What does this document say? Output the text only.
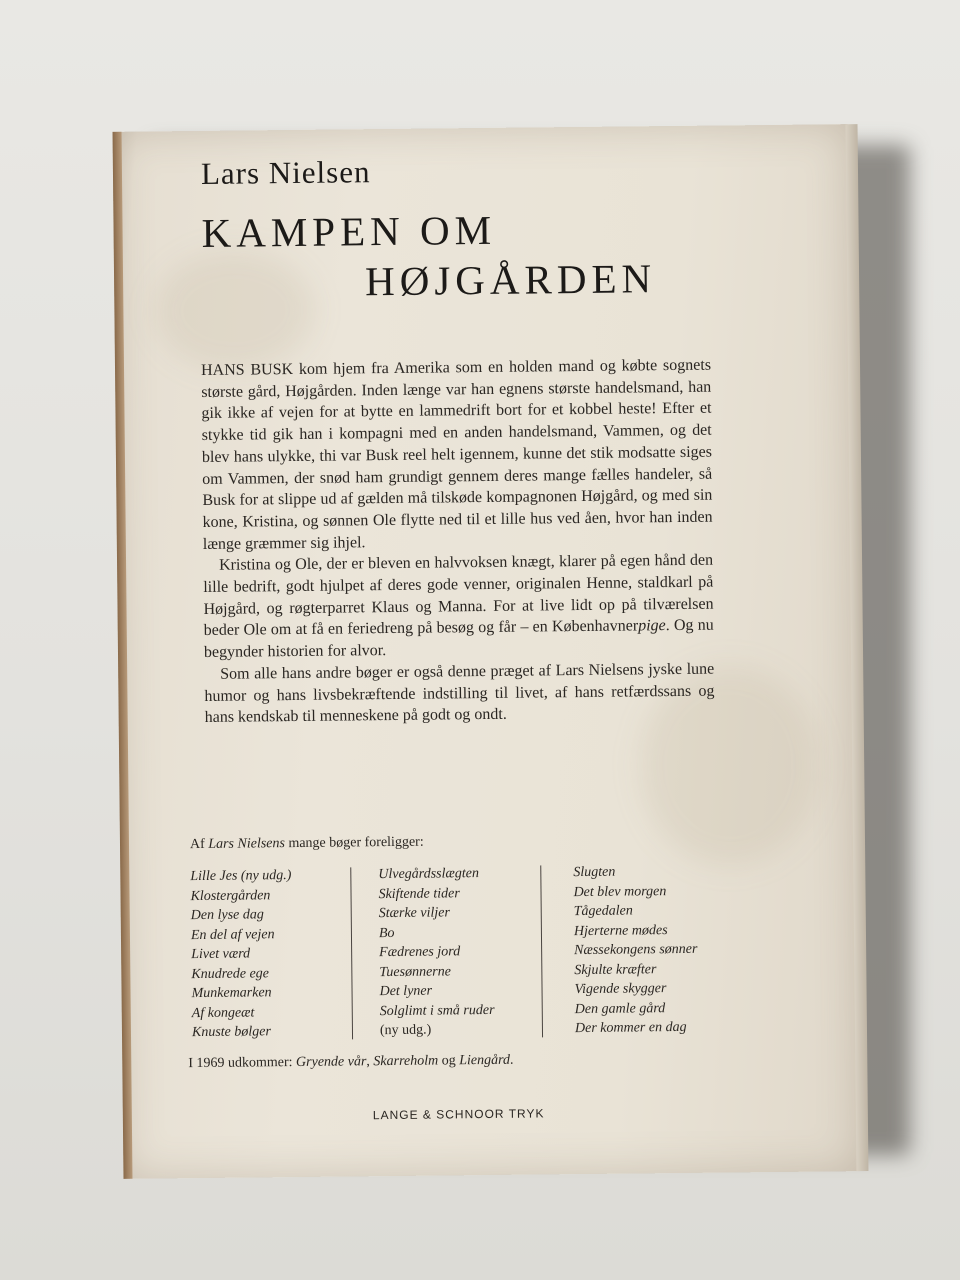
Lars Nielsen
KAMPEN OM
HØJGÅRDEN

HANS BUSK kom hjem fra Amerika som en holden mand og købte sognets største gård, Højgården. Inden længe var han egnens største handelsmand, han gik ikke af vejen for at bytte en lammedrift bort for et kobbel heste! Efter et stykke tid gik han i kompagni med en anden handelsmand, Vammen, og det blev hans ulykke, thi var Busk reel helt igennem, kunne det stik modsatte siges om Vammen, der snød ham grundigt gennem deres mange fælles handeler, så Busk for at slippe ud af gælden må tilskøde kompagnonen Højgård, og med sin kone, Kristina, og sønnen Ole flytte ned til et lille hus ved åen, hvor han inden længe græmmer sig ihjel.

Kristina og Ole, der er bleven en halvvoksen knægt, klarer på egen hånd den lille bedrift, godt hjulpet af deres gode venner, originalen Henne, staldkarl på Højgård, og røgterparret Klaus og Manna. For at live lidt op på tilværelsen beder Ole om at få en feriedreng på besøg og får – en Københavnerpige. Og nu begynder historien for alvor.

Som alle hans andre bøger er også denne præget af Lars Nielsens jyske lune humor og hans livsbekræftende indstilling til livet, af hans retfærdssans og hans kendskab til menneskene på godt og ondt.

Af Lars Nielsens mange bøger foreligger:
Lille Jes (ny udg.)
Klostergården
Den lyse dag
En del af vejen
Livet værd
Knudrede ege
Munkemarken
Af kongeæt
Knuste bølger
Ulvegårdsslægten
Skiftende tider
Stærke viljer
Bo
Fædrenes jord
Tuesønnerne
Det lyner
Solglimt i små ruder
(ny udg.)
Slugten
Det blev morgen
Tågedalen
Hjerterne mødes
Næssekongens sønner
Skjulte kræfter
Vigende skygger
Den gamle gård
Der kommer en dag
I 1969 udkommer: Gryende vår, Skarreholm og Liengård.
LANGE & SCHNOOR TRYK
